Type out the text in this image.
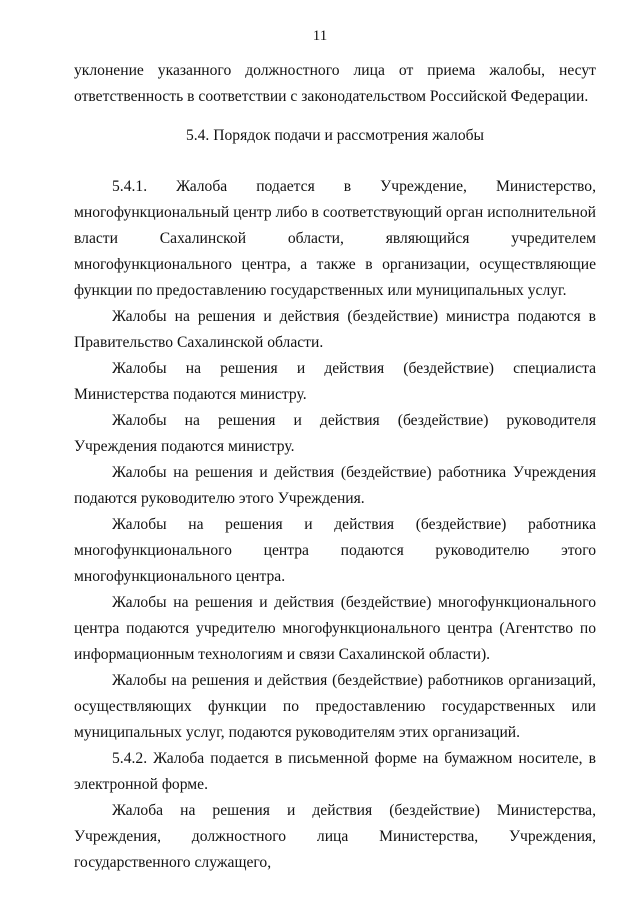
11

уклонение указанного должностного лица от приема жалобы, несут ответственность в соответствии с законодательством Российской Федерации.

5.4. Порядок подачи и рассмотрения жалобы

5.4.1. Жалоба подается в Учреждение, Министерство, многофункциональный центр либо в соответствующий орган исполнительной власти Сахалинской области, являющийся учредителем многофункционального центра, а также в организации, осуществляющие функции по предоставлению государственных или муниципальных услуг.

Жалобы на решения и действия (бездействие) министра подаются в Правительство Сахалинской области.

Жалобы на решения и действия (бездействие) специалиста Министерства подаются министру.

Жалобы на решения и действия (бездействие) руководителя Учреждения подаются министру.

Жалобы на решения и действия (бездействие) работника Учреждения подаются руководителю этого Учреждения.

Жалобы на решения и действия (бездействие) работника многофункционального центра подаются руководителю этого многофункционального центра.

Жалобы на решения и действия (бездействие) многофункционального центра подаются учредителю многофункционального центра (Агентство по информационным технологиям и связи Сахалинской области).

Жалобы на решения и действия (бездействие) работников организаций, осуществляющих функции по предоставлению государственных или муниципальных услуг, подаются руководителям этих организаций.

5.4.2. Жалоба подается в письменной форме на бумажном носителе, в электронной форме.

Жалоба на решения и действия (бездействие) Министерства, Учреждения, должностного лица Министерства, Учреждения, государственного служащего,
